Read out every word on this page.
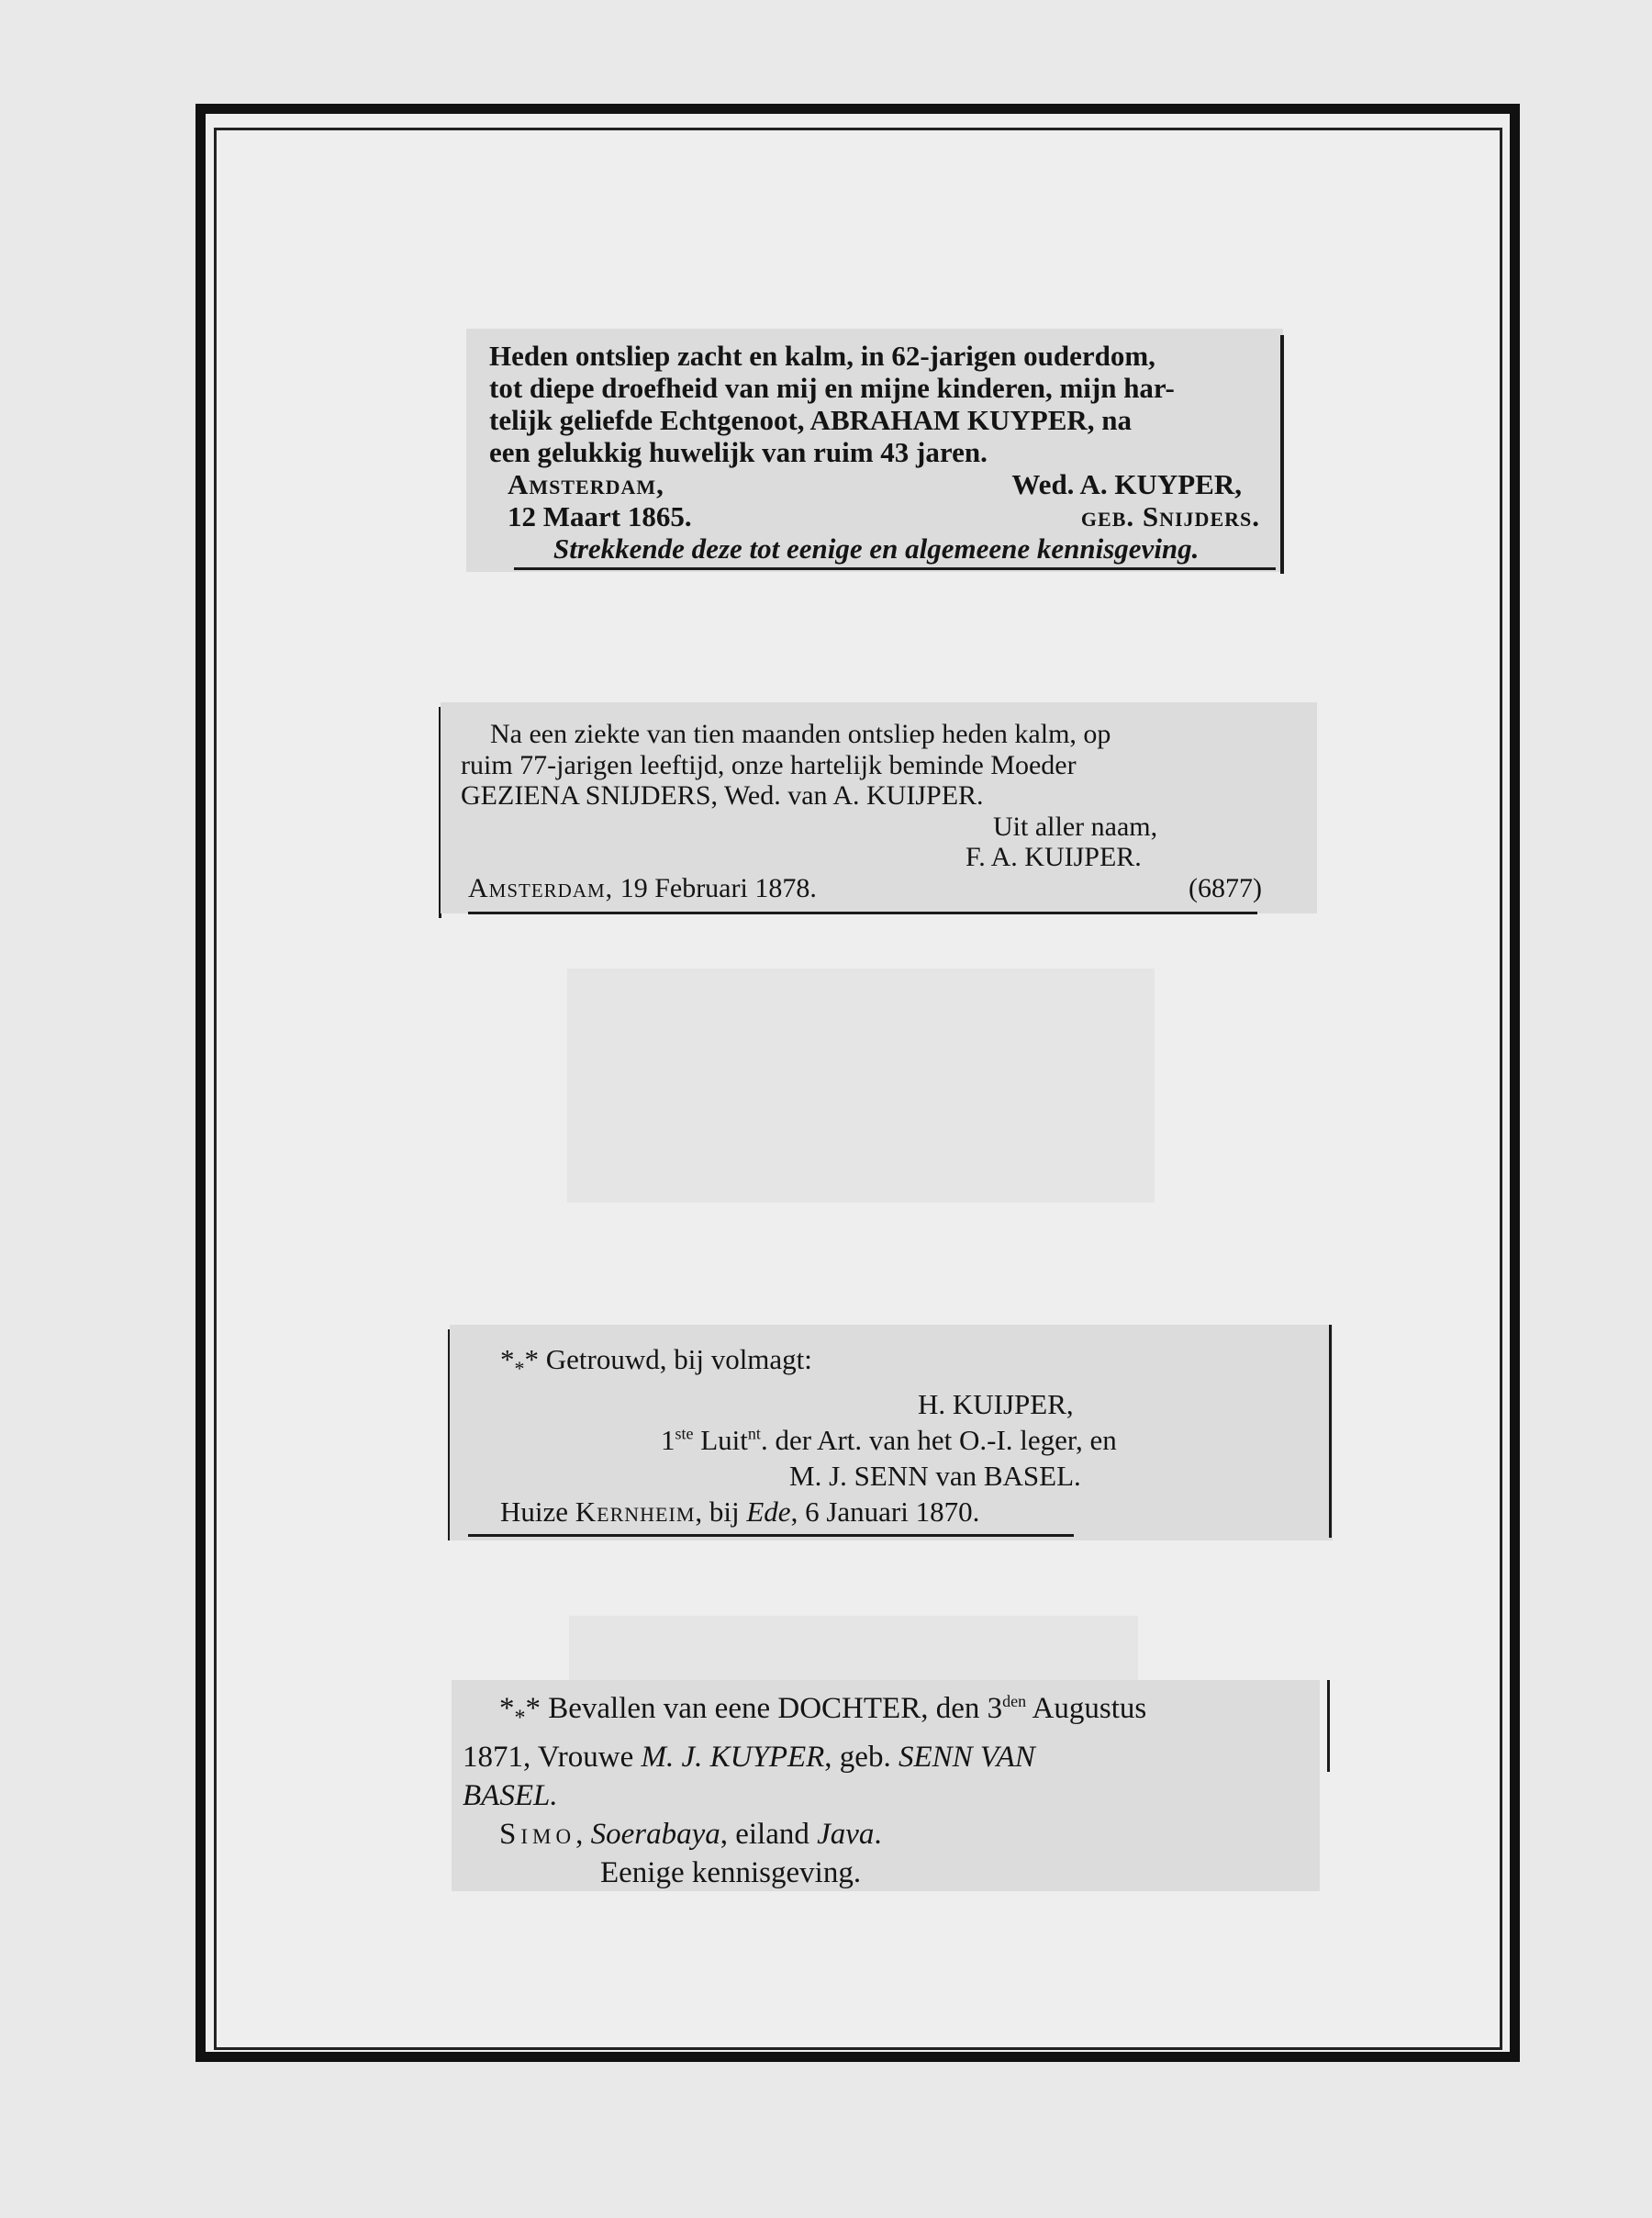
Heden ontsliep zacht en kalm, in 62-jarigen ouderdom,
tot diepe droefheid van mij en mijne kinderen, mijn har-
telijk geliefde Echtgenoot, ABRAHAM KUYPER, na
een gelukkig huwelijk van ruim 43 jaren.
Amsterdam,	Wed. A. KUYPER,
12 Maart 1865.	geb. Snijders.
Strekkende deze tot eenige en algemeene kennisgeving.
Na een ziekte van tien maanden ontsliep heden kalm, op
ruim 77-jarigen leeftijd, onze hartelijk beminde Moeder
GEZIENA SNIJDERS, Wed. van A. KUIJPER.
Uit aller naam,
F. A. KUIJPER.
Amsterdam, 19 Februari 1878.	(6877)
$*_**$ Getrouwd, bij volmagt:
H. KUIJPER,
1ste Luit$^{nt}$. der Art. van het O.-I. leger, en
M. J. SENN van BASEL.
Huize Kernheim, bij Ede, 6 Januari 1870.
$*_**$ Bevallen van eene DOCHTER, den $3^{den}$ Augustus
1871, Vrouwe M. J. KUYPER, geb. SENN VAN
BASEL.
Simo, Soerabaya, eiland Java.
Eenige kennisgeving.
